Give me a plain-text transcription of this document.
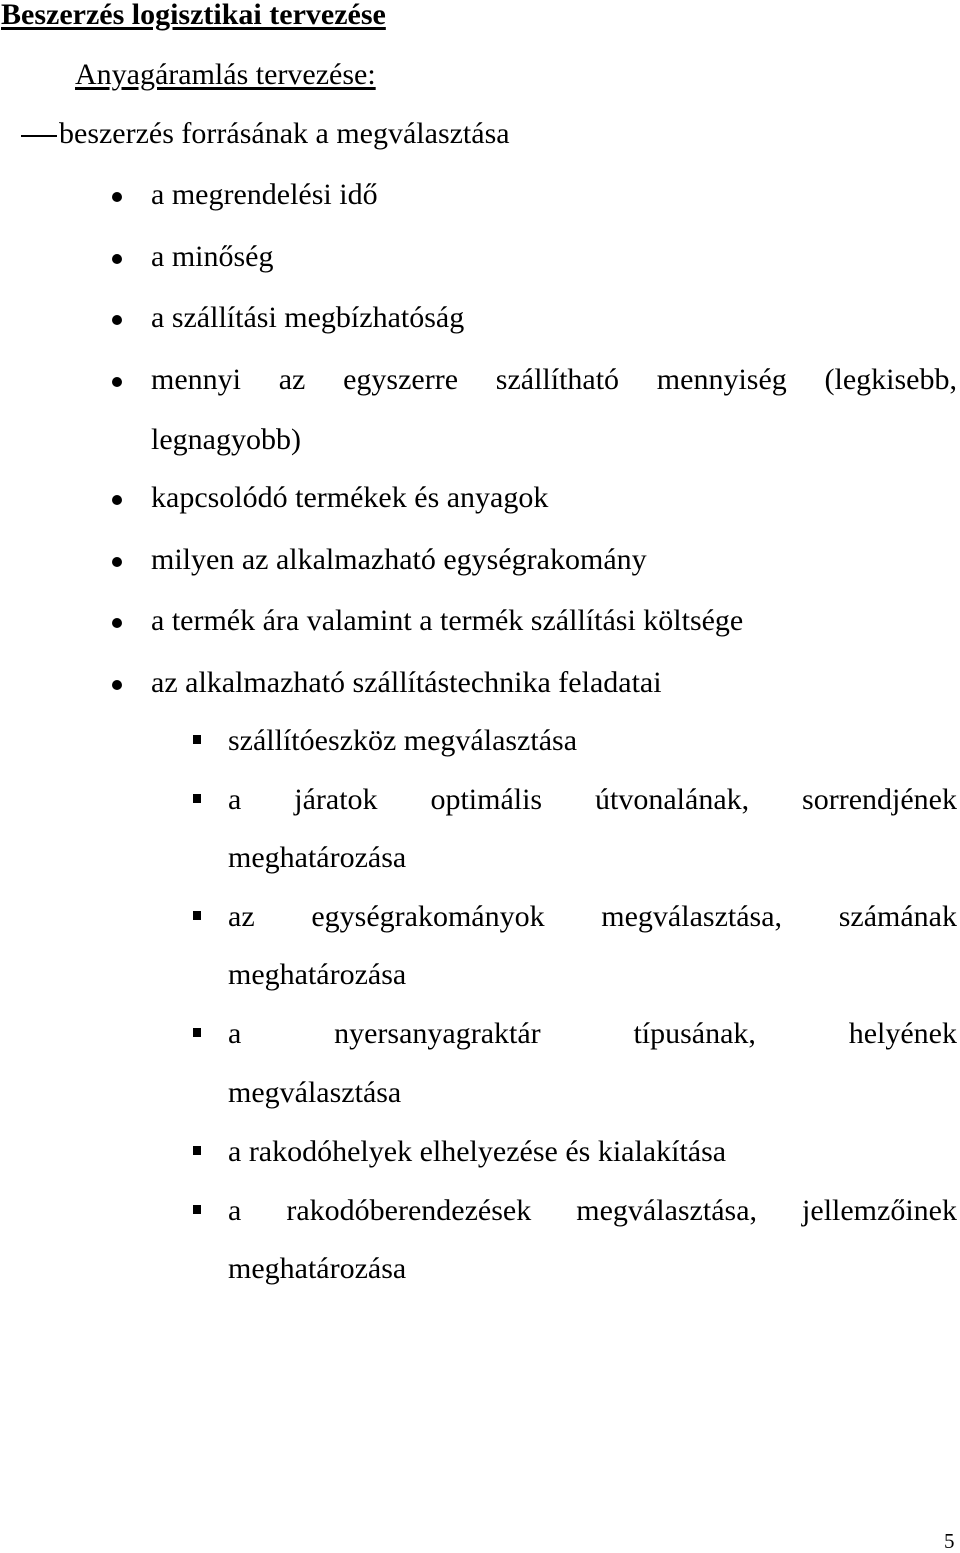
Beszerzés logisztikai tervezése
Anyagáramlás tervezése:
beszerzés forrásának a megválasztása
a megrendelési idő
a minőség
a szállítási megbízhatóság
mennyi az egyszerre szállítható mennyiség (legkisebb,
legnagyobb)
kapcsolódó termékek és anyagok
milyen az alkalmazható egységrakomány
a termék ára valamint a termék szállítási költsége
az alkalmazható szállítástechnika feladatai
szállítóeszköz megválasztása
a járatok optimális útvonalának, sorrendjének
meghatározása
az egységrakományok megválasztása, számának
meghatározása
a	nyersanyagraktár	típusának,	helyének
megválasztása
a rakodóhelyek elhelyezése és kialakítása
a rakodóberendezések megválasztása, jellemzőinek
meghatározása
5
